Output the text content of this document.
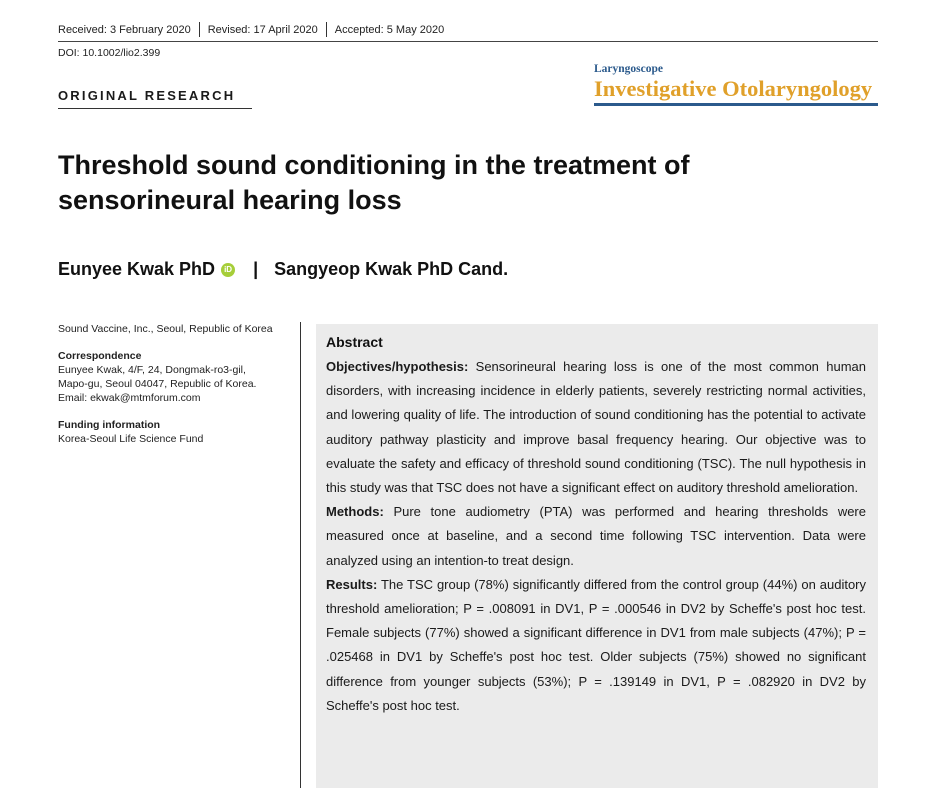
Received: 3 February 2020 Revised: 17 April 2020 Accepted: 5 May 2020
DOI: 10.1002/lio2.399
ORIGINAL RESEARCH
Laryngoscope
Investigative Otolaryngology
Threshold sound conditioning in the treatment of sensorineural hearing loss
Eunyee Kwak PhD	iD | Sangyeop Kwak PhD Cand.
Sound Vaccine, Inc., Seoul, Republic of Korea
Correspondence
Eunyee Kwak, 4/F, 24, Dongmak-ro3-gil,
Mapo-gu, Seoul 04047, Republic of Korea.
Email: ekwak@mtmforum.com
Funding information
Korea-Seoul Life Science Fund
Abstract

Objectives/hypothesis: Sensorineural hearing loss is one of the most common human disorders, with increasing incidence in elderly patients, severely restricting normal activities, and lowering quality of life. The introduction of sound conditioning has the potential to activate auditory pathway plasticity and improve basal frequency hearing. Our objective was to evaluate the safety and efficacy of threshold sound conditioning (TSC). The null hypothesis in this study was that TSC does not have a significant effect on auditory threshold amelioration.

Methods: Pure tone audiometry (PTA) was performed and hearing thresholds were measured once at baseline, and a second time following TSC intervention. Data were analyzed using an intention-to treat design.

Results: The TSC group (78%) significantly differed from the control group (44%) on auditory threshold amelioration; P = .008091 in DV1, P = .000546 in DV2 by Scheffe's post hoc test. Female subjects (77%) showed a significant difference in DV1 from male subjects (47%); P = .025468 in DV1 by Scheffe's post hoc test. Older subjects (75%) showed no significant difference from younger subjects (53%); P = .139149 in DV1, P = .082920 in DV2 by Scheffe's post hoc test.
